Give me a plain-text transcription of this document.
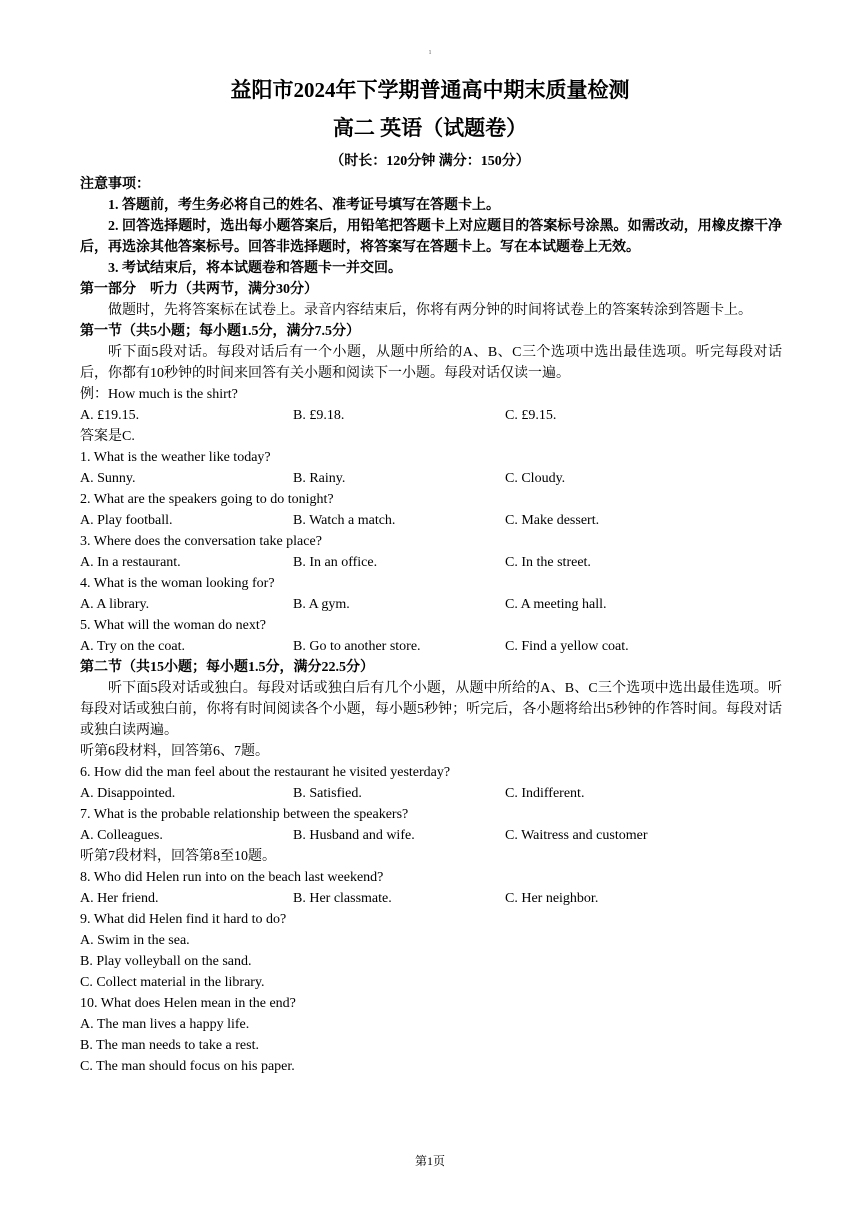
1
益阳市2024年下学期普通高中期末质量检测
高二 英语（试题卷）
（时长：120分钟 满分：150分）
注意事项：
1. 答题前，考生务必将自己的姓名、准考证号填写在答题卡上。
2. 回答选择题时，选出每小题答案后，用铅笔把答题卡上对应题目的答案标号涂黑。如需改动，用橡皮擦干净后，再选涂其他答案标号。回答非选择题时，将答案写在答题卡上。写在本试题卷上无效。
3. 考试结束后，将本试题卷和答题卡一并交回。
第一部分    听力（共两节，满分30分）
做题时，先将答案标在试卷上。录音内容结束后，你将有两分钟的时间将试卷上的答案转涂到答题卡上。
第一节（共5小题；每小题1.5分，满分7.5分）
听下面5段对话。每段对话后有一个小题，从题中所给的A、B、C三个选项中选出最佳选项。听完每段对话后，你都有10秒钟的时间来回答有关小题和阅读下一小题。每段对话仅读一遍。
例：How much is the shirt?
A. £19.15.	B. £9.18.	C. £9.15.
答案是C.
1. What is the weather like today?
A. Sunny.	B. Rainy.	C. Cloudy.
2. What are the speakers going to do tonight?
A. Play football.	B. Watch a match.	C. Make dessert.
3. Where does the conversation take place?
A. In a restaurant.	B. In an office.	C. In the street.
4. What is the woman looking for?
A. A library.	B. A gym.	C. A meeting hall.
5. What will the woman do next?
A. Try on the coat.	B. Go to another store.	C. Find a yellow coat.
第二节（共15小题；每小题1.5分，满分22.5分）
听下面5段对话或独白。每段对话或独白后有几个小题，从题中所给的A、B、C三个选项中选出最佳选项。听每段对话或独白前，你将有时间阅读各个小题，每小题5秒钟；听完后，各小题将给出5秒钟的作答时间。每段对话或独白读两遍。
听第6段材料，回答第6、7题。
6. How did the man feel about the restaurant he visited yesterday?
A. Disappointed.	B. Satisfied.	C. Indifferent.
7. What is the probable relationship between the speakers?
A. Colleagues.	B. Husband and wife.	C. Waitress and customer
听第7段材料，回答第8至10题。
8. Who did Helen run into on the beach last weekend?
A. Her friend.	B. Her classmate.	C. Her neighbor.
9. What did Helen find it hard to do?
A. Swim in the sea.
B. Play volleyball on the sand.
C. Collect material in the library.
10. What does Helen mean in the end?
A. The man lives a happy life.
B. The man needs to take a rest.
C. The man should focus on his paper.
第1页
